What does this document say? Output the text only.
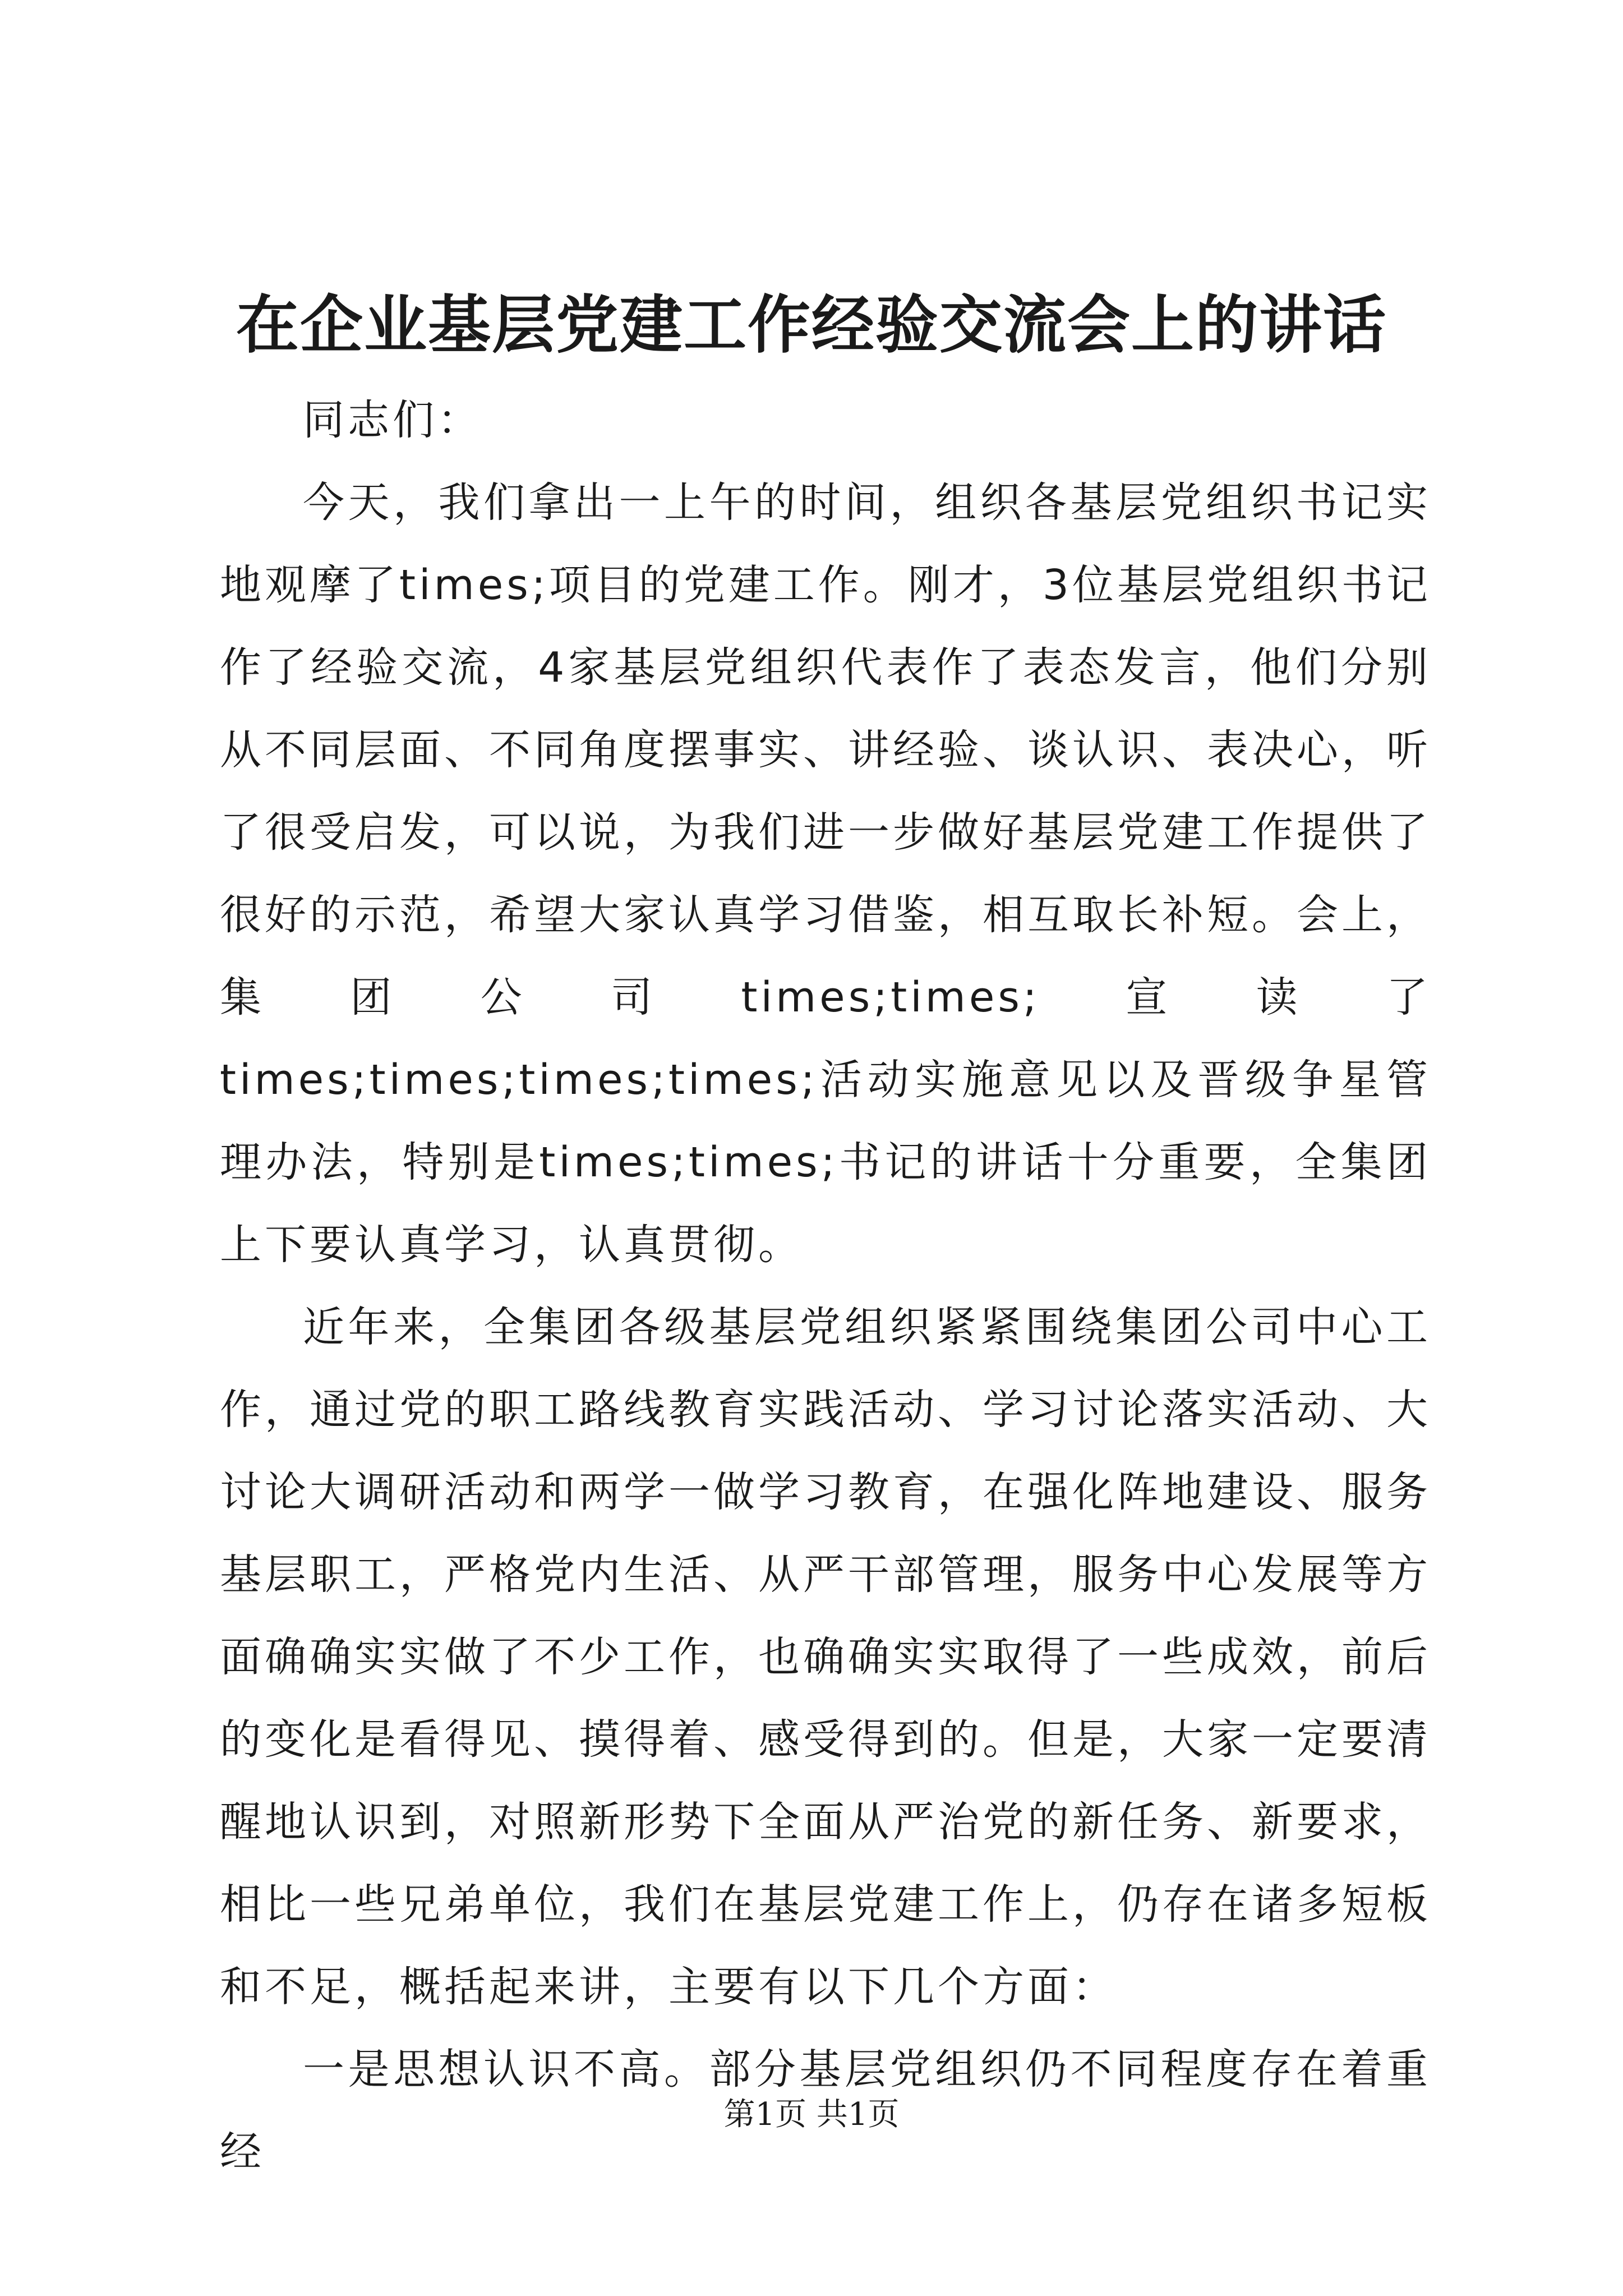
在企业基层党建工作经验交流会上的讲话

同志们：

今天，我们拿出一上午的时间，组织各基层党组织书记实地观摩了times;项目的党建工作。刚才，3位基层党组织书记作了经验交流，4家基层党组织代表作了表态发言，他们分别从不同层面、不同角度摆事实、讲经验、谈认识、表决心，听了很受启发，可以说，为我们进一步做好基层党建工作提供了很好的示范，希望大家认真学习借鉴，相互取长补短。会上，集团公司times;times;宣读了times;times;times;times;活动实施意见以及晋级争星管理办法，特别是times;times;书记的讲话十分重要，全集团上下要认真学习，认真贯彻。

近年来，全集团各级基层党组织紧紧围绕集团公司中心工作，通过党的职工路线教育实践活动、学习讨论落实活动、大讨论大调研活动和两学一做学习教育，在强化阵地建设、服务基层职工，严格党内生活、从严干部管理，服务中心发展等方面确确实实做了不少工作，也确确实实取得了一些成效，前后的变化是看得见、摸得着、感受得到的。但是，大家一定要清醒地认识到，对照新形势下全面从严治党的新任务、新要求，相比一些兄弟单位，我们在基层党建工作上，仍存在诸多短板和不足，概括起来讲，主要有以下几个方面：

一是思想认识不高。部分基层党组织仍不同程度存在着重经

第1页 共1页
